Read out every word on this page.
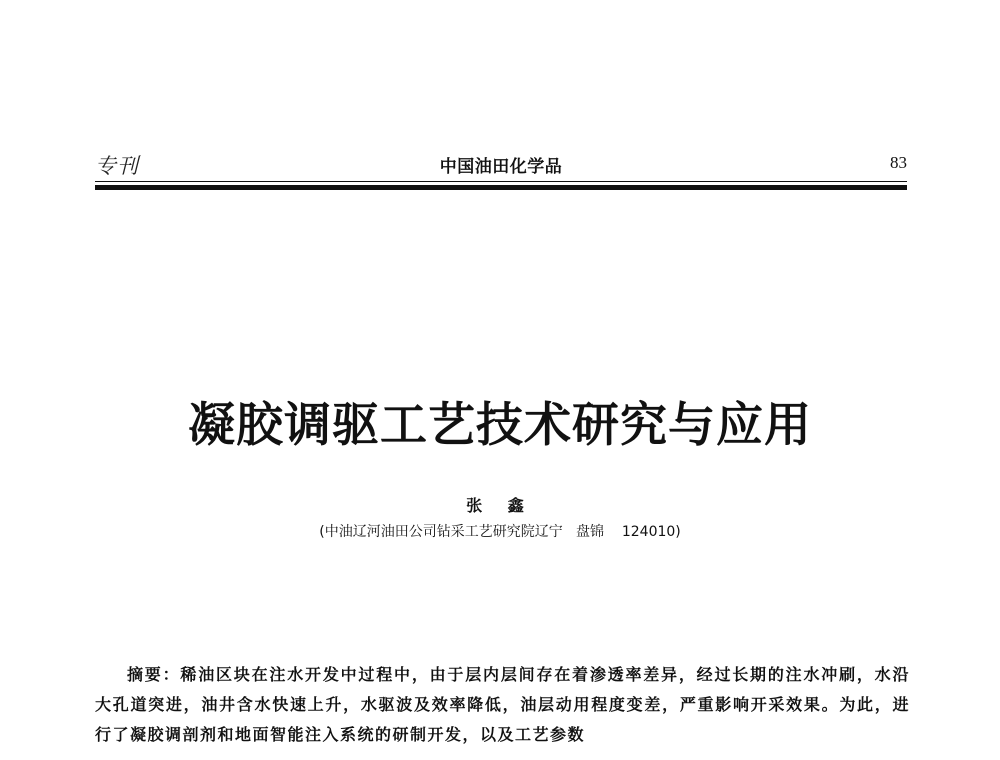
专刊	中国油田化学品	83
凝胶调驱工艺技术研究与应用
张 鑫
(中油辽河油田公司钻采工艺研究院辽宁   盘锦    124010)
摘要：稀油区块在注水开发中过程中，由于层内层间存在着渗透率差异，经过长期的注水冲刷，水沿大孔道突进，油井含水快速上升，水驱波及效率降低，油层动用程度变差，严重影响开采效果。为此，进行了凝胶调剖剂和地面智能注入系统的研制开发，以及工艺参数
